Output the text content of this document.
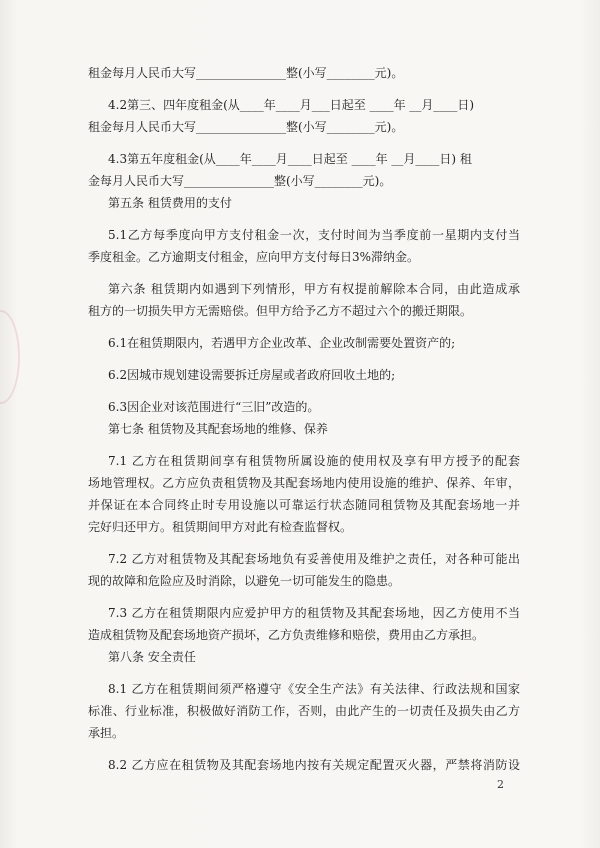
租金每月人民币大写_______________整(小写________元)。
4.2第三、四年度租金(从____年____月___日起至 ____年 __月____日)
租金每月人民币大写_______________整(小写________元)。
4.3第五年度租金(从____年____月____日起至 ____年 __月____日) 租
金每月人民币大写_______________整(小写________元)。
第五条 租赁费用的支付
5.1乙方每季度向甲方支付租金一次，支付时间为当季度前一星期内支付当
季度租金。乙方逾期支付租金，应向甲方支付每日3%滞纳金。
第六条 租赁期内如遇到下列情形，甲方有权提前解除本合同，由此造成承
租方的一切损失甲方无需赔偿。但甲方给予乙方不超过六个的搬迁期限。
6.1在租赁期限内，若遇甲方企业改革、企业改制需要处置资产的;
6.2因城市规划建设需要拆迁房屋或者政府回收土地的;
6.3因企业对该范围进行“三旧”改造的。
第七条 租赁物及其配套场地的维修、保养
7.1 乙方在租赁期间享有租赁物所属设施的使用权及享有甲方授予的配套
场地管理权。乙方应负责租赁物及其配套场地内使用设施的维护、保养、年审，
并保证在本合同终止时专用设施以可靠运行状态随同租赁物及其配套场地一并
完好归还甲方。租赁期间甲方对此有检查监督权。
7.2 乙方对租赁物及其配套场地负有妥善使用及维护之责任，对各种可能出
现的故障和危险应及时消除，以避免一切可能发生的隐患。
7.3 乙方在租赁期限内应爱护甲方的租赁物及其配套场地，因乙方使用不当
造成租赁物及配套场地资产损坏，乙方负责维修和赔偿，费用由乙方承担。
第八条 安全责任
8.1 乙方在租赁期间须严格遵守《安全生产法》有关法律、行政法规和国家
标准、行业标准，积极做好消防工作，否则，由此产生的一切责任及损失由乙方
承担。
8.2 乙方应在租赁物及其配套场地内按有关规定配置灭火器，严禁将消防设
2
